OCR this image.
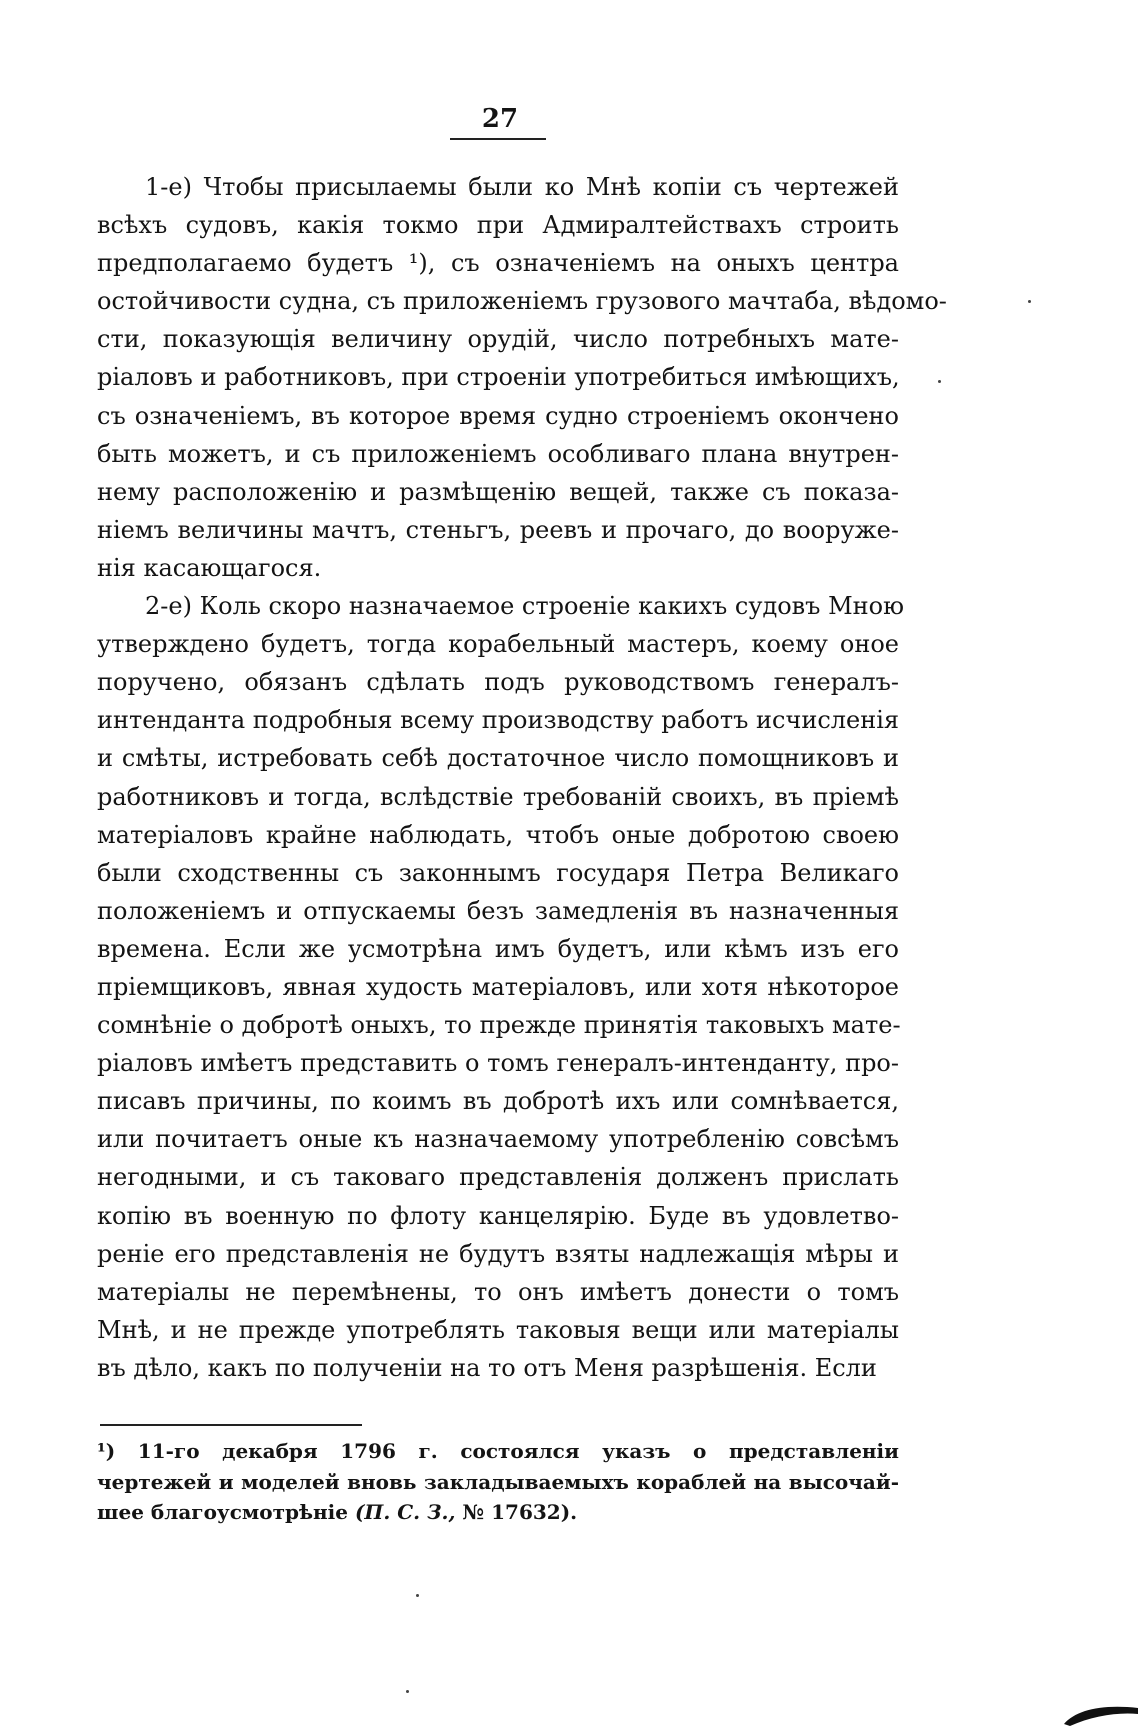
27
1-е) Чтобы присылаемы были ко Мнѣ копіи съ чертежей
всѣхъ судовъ, какія токмо при Адмиралтействахъ строить
предполагаемо будетъ ¹), съ означеніемъ на оныхъ центра
остойчивости судна, съ приложеніемъ грузового мачтаба, вѣдомо-
сти, показующія величину орудій, число потребныхъ мате-
ріаловъ и работниковъ, при строеніи употребиться имѣющихъ,
съ означеніемъ, въ которое время судно строеніемъ окончено
быть можетъ, и съ приложеніемъ особливаго плана внутрен-
нему расположенію и размѣщенію вещей, также съ показа-
ніемъ величины мачтъ, стеньгъ, реевъ и прочаго, до вооруже-
нія касающагося.
2-е) Коль скоро назначаемое строеніе какихъ судовъ Мною
утверждено будетъ, тогда корабельный мастеръ, коему оное
поручено, обязанъ сдѣлать подъ руководствомъ генералъ-
интенданта подробныя всему производству работъ исчисленія
и смѣты, истребовать себѣ достаточное число помощниковъ и
работниковъ и тогда, вслѣдствіе требованій своихъ, въ пріемѣ
матеріаловъ крайне наблюдать, чтобъ оные добротою своею
были сходственны съ законнымъ государя Петра Великаго
положеніемъ и отпускаемы безъ замедленія въ назначенныя
времена. Если же усмотрѣна имъ будетъ, или кѣмъ изъ его
пріемщиковъ, явная худость матеріаловъ, или хотя нѣкоторое
сомнѣніе о добротѣ оныхъ, то прежде принятія таковыхъ мате-
ріаловъ имѣетъ представить о томъ генералъ-интенданту, про-
писавъ причины, по коимъ въ добротѣ ихъ или сомнѣвается,
или почитаетъ оные къ назначаемому употребленію совсѣмъ
негодными, и съ таковаго представленія долженъ прислать
копію въ военную по флоту канцелярію. Буде въ удовлетво-
реніе его представленія не будутъ взяты надлежащія мѣры и
матеріалы не перемѣнены, то онъ имѣетъ донести о томъ
Мнѣ, и не прежде употреблять таковыя вещи или матеріалы
въ дѣло, какъ по полученіи на то отъ Меня разрѣшенія. Если
¹) 11-го декабря 1796 г. состоялся указъ о представленіи
чертежей и моделей вновь закладываемыхъ кораблей на высочай-
шее благоусмотрѣніе (П. С. З., № 17632).
